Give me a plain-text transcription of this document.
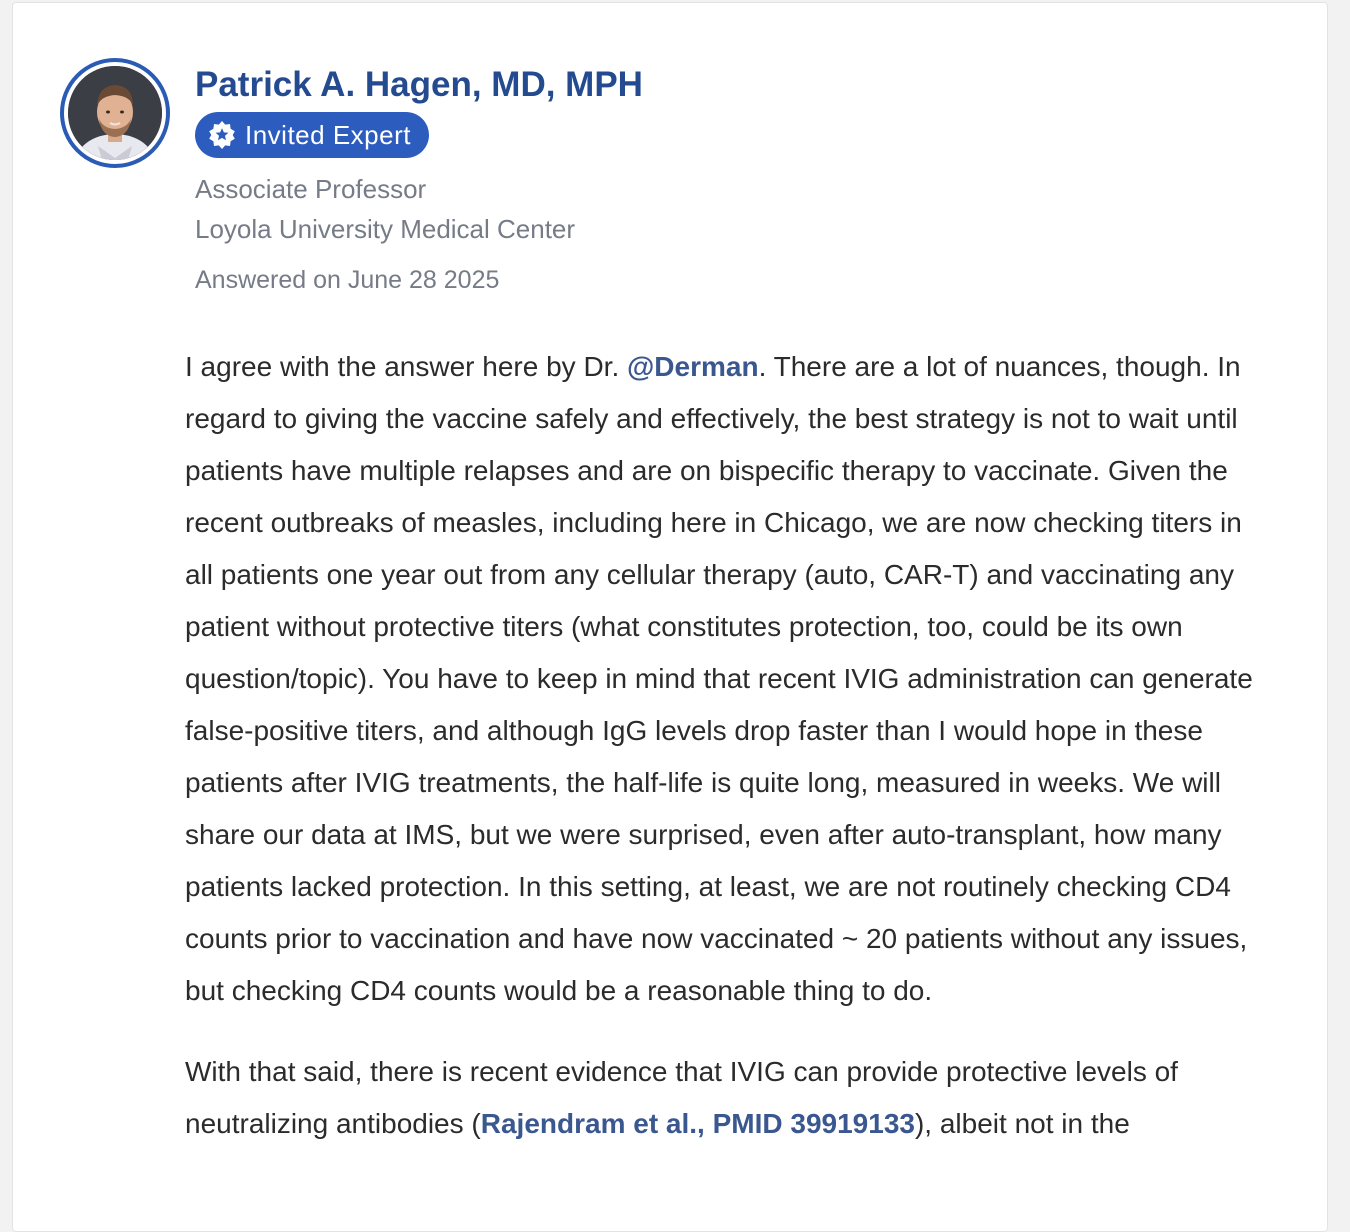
Patrick A. Hagen, MD, MPH
Invited Expert
Associate Professor
Loyola University Medical Center
Answered on June 28 2025

I agree with the answer here by Dr. @Derman. There are a lot of nuances, though. In regard to giving the vaccine safely and effectively, the best strategy is not to wait until patients have multiple relapses and are on bispecific therapy to vaccinate. Given the recent outbreaks of measles, including here in Chicago, we are now checking titers in all patients one year out from any cellular therapy (auto, CAR-T) and vaccinating any patient without protective titers (what constitutes protection, too, could be its own question/topic). You have to keep in mind that recent IVIG administration can generate false-positive titers, and although IgG levels drop faster than I would hope in these patients after IVIG treatments, the half-life is quite long, measured in weeks. We will share our data at IMS, but we were surprised, even after auto-transplant, how many patients lacked protection. In this setting, at least, we are not routinely checking CD4 counts prior to vaccination and have now vaccinated ~ 20 patients without any issues, but checking CD4 counts would be a reasonable thing to do.

With that said, there is recent evidence that IVIG can provide protective levels of neutralizing antibodies (Rajendram et al., PMID 39919133), albeit not in the
